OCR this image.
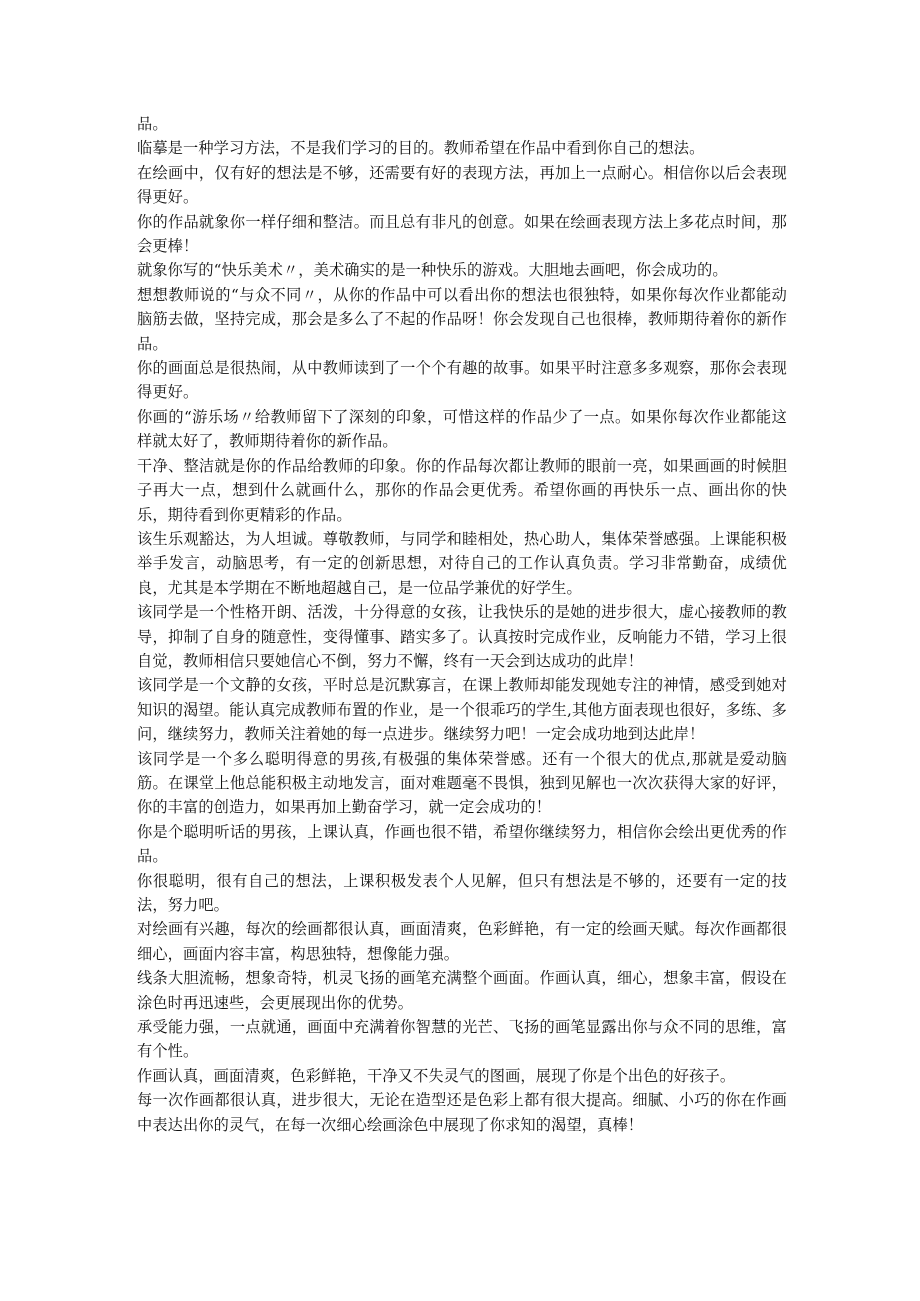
品。

临摹是一种学习方法，不是我们学习的目的。教师希望在作品中看到你自己的想法。

在绘画中，仅有好的想法是不够，还需要有好的表现方法，再加上一点耐心。相信你以后会表现得更好。

你的作品就象你一样仔细和整洁。而且总有非凡的创意。如果在绘画表现方法上多花点时间，那会更棒！

就象你写的“快乐美术〃，美术确实的是一种快乐的游戏。大胆地去画吧，你会成功的。

想想教师说的“与众不同〃，从你的作品中可以看出你的想法也很独特，如果你每次作业都能动脑筋去做，坚持完成，那会是多么了不起的作品呀！你会发现自己也很棒，教师期待着你的新作品。

你的画面总是很热闹，从中教师读到了一个个有趣的故事。如果平时注意多多观察，那你会表现得更好。

你画的“游乐场〃给教师留下了深刻的印象，可惜这样的作品少了一点。如果你每次作业都能这样就太好了，教师期待着你的新作品。

干净、整洁就是你的作品给教师的印象。你的作品每次都让教师的眼前一亮，如果画画的时候胆子再大一点，想到什么就画什么，那你的作品会更优秀。希望你画的再快乐一点、画出你的快乐，期待看到你更精彩的作品。

该生乐观豁达，为人坦诚。尊敬教师，与同学和睦相处，热心助人，集体荣誉感强。上课能积极举手发言，动脑思考，有一定的创新思想，对待自己的工作认真负责。学习非常勤奋，成绩优良，尤其是本学期在不断地超越自己，是一位品学兼优的好学生。

该同学是一个性格开朗、活泼，十分得意的女孩，让我快乐的是她的进步很大，虚心接教师的教导，抑制了自身的随意性，变得懂事、踏实多了。认真按时完成作业，反响能力不错，学习上很自觉，教师相信只要她信心不倒，努力不懈，终有一天会到达成功的此岸！

该同学是一个文静的女孩，平时总是沉默寡言，在课上教师却能发现她专注的神情，感受到她对知识的渴望。能认真完成教师布置的作业，是一个很乖巧的学生,其他方面表现也很好，多练、多问，继续努力，教师关注着她的每一点进步。继续努力吧！一定会成功地到达此岸！

该同学是一个多么聪明得意的男孩,有极强的集体荣誉感。还有一个很大的优点,那就是爱动脑筋。在课堂上他总能积极主动地发言，面对难题毫不畏惧，独到见解也一次次获得大家的好评，你的丰富的创造力，如果再加上勤奋学习，就一定会成功的！

你是个聪明听话的男孩，上课认真，作画也很不错，希望你继续努力，相信你会绘出更优秀的作品。

你很聪明，很有自己的想法，上课积极发表个人见解，但只有想法是不够的，还要有一定的技法，努力吧。

对绘画有兴趣，每次的绘画都很认真，画面清爽，色彩鲜艳，有一定的绘画天赋。每次作画都很细心，画面内容丰富，构思独特，想像能力强。

线条大胆流畅，想象奇特，机灵飞扬的画笔充满整个画面。作画认真，细心，想象丰富，假设在涂色时再迅速些，会更展现出你的优势。

承受能力强，一点就通，画面中充满着你智慧的光芒、飞扬的画笔显露出你与众不同的思维，富有个性。

作画认真，画面清爽，色彩鲜艳，干净又不失灵气的图画，展现了你是个出色的好孩子。

每一次作画都很认真，进步很大，无论在造型还是色彩上都有很大提高。细腻、小巧的你在作画中表达出你的灵气，在每一次细心绘画涂色中展现了你求知的渴望，真棒！
